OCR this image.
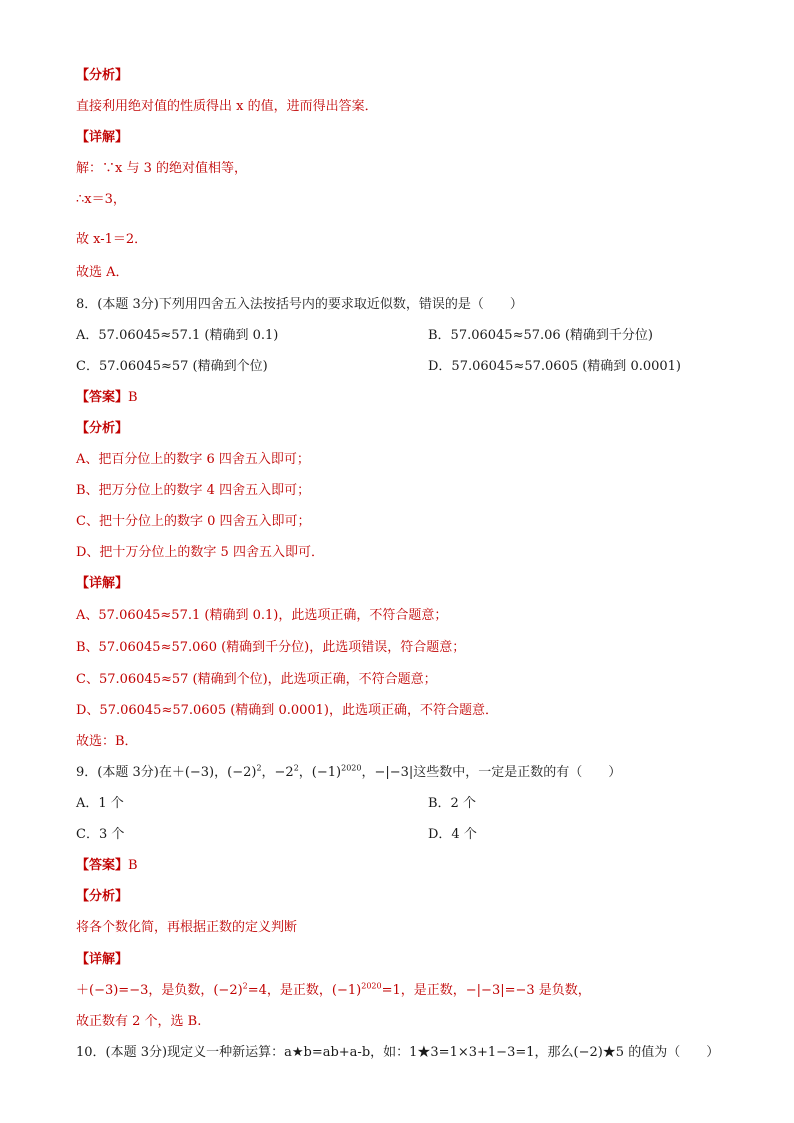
【分析】
直接利用绝对值的性质得出 x 的值，进而得出答案．
【详解】
解：∵x 与 3 的绝对值相等，
∴x＝3，
故 x-1＝2．
故选 A．
8．(本题 3分)下列用四舍五入法按括号内的要求取近似数，错误的是（　　）
A．57.06045≈57.1 (精确到 0.1)	B．57.06045≈57.06 (精确到千分位)
C．57.06045≈57 (精确到个位)	D．57.06045≈57.0605 (精确到 0.0001)
【答案】B
【分析】
A、把百分位上的数字 6 四舍五入即可；
B、把万分位上的数字 4 四舍五入即可；
C、把十分位上的数字 0 四舍五入即可；
D、把十万分位上的数字 5 四舍五入即可．
【详解】
A、57.06045≈57.1 (精确到 0.1)，此选项正确，不符合题意；
B、57.06045≈57.060 (精确到千分位)，此选项错误，符合题意；
C、57.06045≈57 (精确到个位)，此选项正确，不符合题意；
D、57.06045≈57.0605 (精确到 0.0001)，此选项正确，不符合题意．
故选：B．
9．(本题 3分)在＋(−3)，$(-2)^2$，$-2^2$，$(-1)^{2020}$，−|−3|这些数中，一定是正数的有（　　）
A．1 个	B．2 个
C．3 个	D．4 个
【答案】B
【分析】
将各个数化简，再根据正数的定义判断
【详解】
＋(−3)=−3，是负数，$(-2)^2=4$，是正数，$(-1)^{2020}=1$，是正数，−|−3|=−3 是负数，
故正数有 2 个，选 B.
10．(本题 3分)现定义一种新运算：a★b=ab+a-b，如：1★3=1×3+1−3=1，那么(−2)★5 的值为（　　）
